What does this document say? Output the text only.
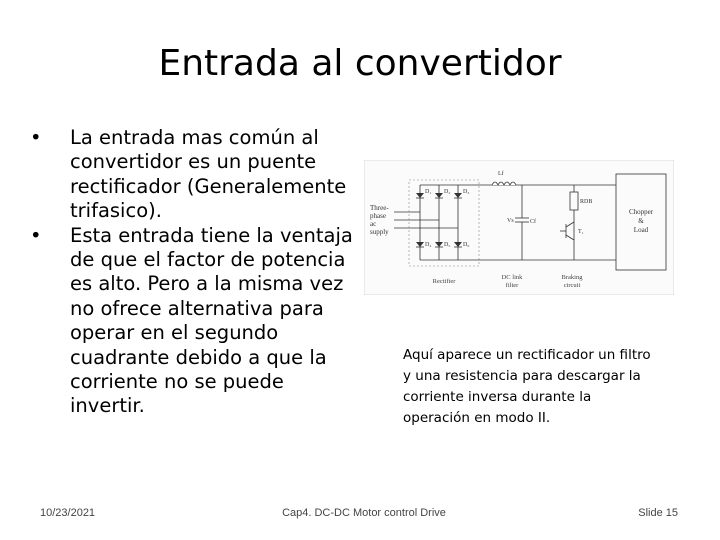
Entrada al convertidor
• La entrada mas común al convertidor es un puente rectificador (Generalemente trifasico).
• Esta entrada tiene la ventaja de que el factor de potencia es alto. Pero a la misma vez no ofrece alternativa para operar en el segundo cuadrante debido a que la corriente no se puede invertir.
Three-
phase
ac
supply
D₁ D₂ D₃
D₄ D₅ D₆
Lf
Vs	Cf
RDB
T₁
Chopper
&
Load
Rectifier
DC link
filter
Braking
circuit
Aquí aparece un rectificador un filtro y una resistencia para descargar la corriente inversa durante la operación en modo II.
10/23/2021	Cap4. DC-DC Motor control Drive	Slide 15
